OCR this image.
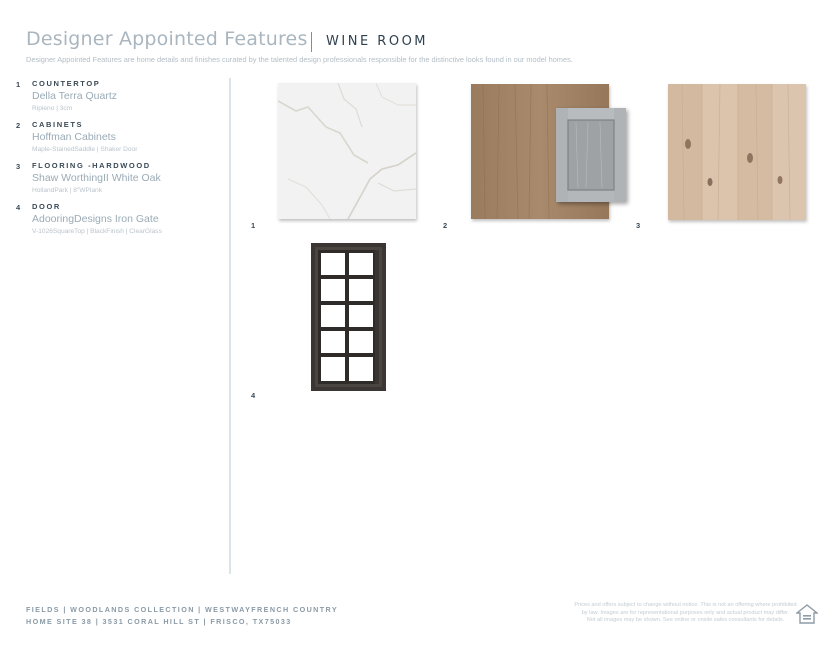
Designer Appointed Features WINE ROOM
Designer Appointed Features are home details and finishes curated by the talented design professionals responsible for the distinctive looks found in our model homes.
1 COUNTERTOP
Della Terra Quartz
Ripieno | 3cm
2 CABINETS
Hoffman Cabinets
Maple-StainedSaddle | Shaker Door
3 FLOORING -HARDWOOD
Shaw WorthingII White Oak
HollandPark | 8"WPlank
4 DOOR
AdooringDesigns Iron Gate
V-1026SquareTop | BlackFinish | ClearGlass
1	2	3
4
FIELDS | WOODLANDS COLLECTION | WESTWAYFRENCH COUNTRY
HOME SITE 38 | 3531 CORAL HILL ST | FRISCO, TX75033
Prices and offers subject to change without notice. This is not an offering where prohibited
by law. Images are for representational purposes only and actual product may differ.
Not all images may be shown. See online or onsite sales consultants for details.
